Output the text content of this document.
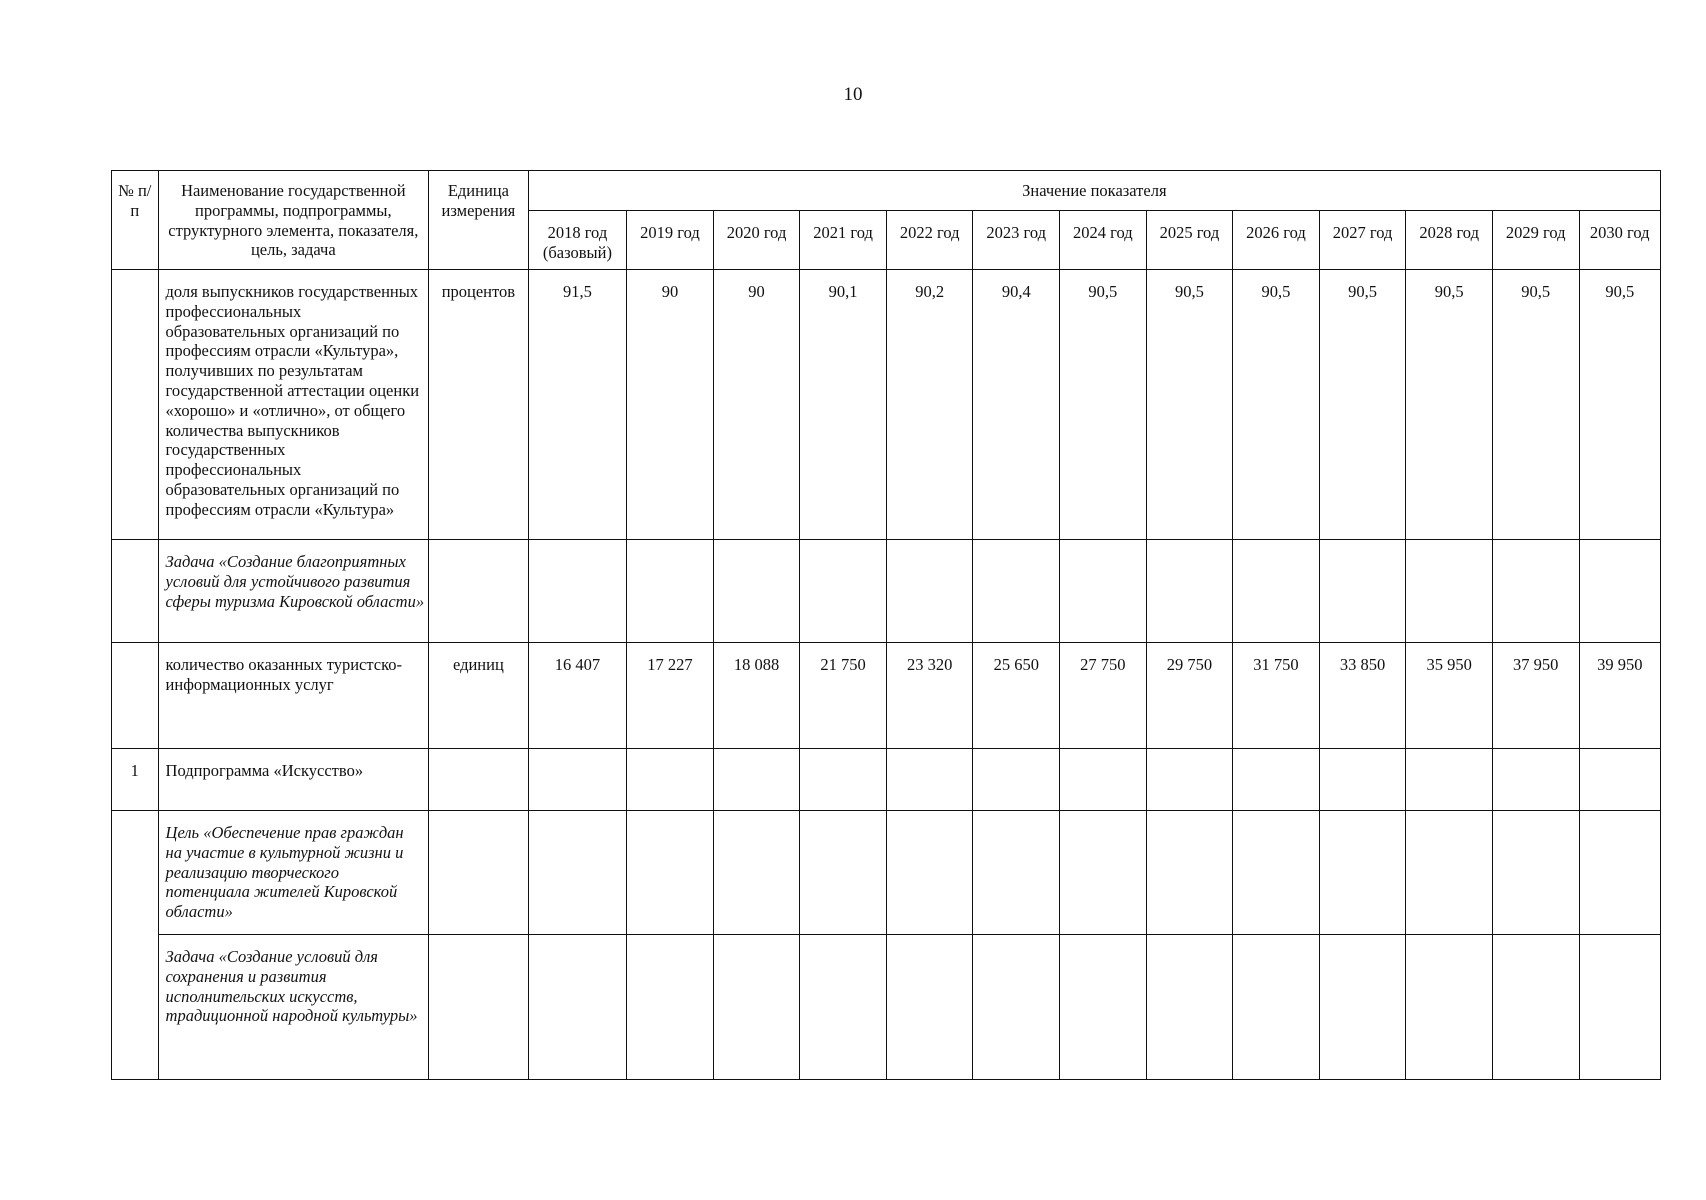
10
№ п/п	Наименование государственной программы, подпрограммы, структурного элемента, показателя, цель, задача	Единица измерения	Значение показателя												
			2018 год (базовый)	2019 год	2020 год	2021 год	2022 год	2023 год	2024 год	2025 год	2026 год	2027 год	2028 год	2029 год	2030 год
	доля выпускников государственных профессиональных образовательных организаций по профессиям отрасли «Культура», получивших по результатам государственной аттестации оценки «хорошо» и «отлично», от общего количества выпускников государственных профессиональных образовательных организаций по профессиям отрасли «Культура»	процентов	91,5	90	90	90,1	90,2	90,4	90,5	90,5	90,5	90,5	90,5	90,5	90,5
	Задача «Создание благоприятных условий для устойчивого развития сферы туризма Кировской области»														
	количество оказанных туристско-информационных услуг	единиц	16 407	17 227	18 088	21 750	23 320	25 650	27 750	29 750	31 750	33 850	35 950	37 950	39 950
1	Подпрограмма «Искусство»														
	Цель «Обеспечение прав граждан на участие в культурной жизни и реализацию творческого потенциала жителей Кировской области»														
	Задача «Создание условий для сохранения и развития исполнительских искусств, традиционной народной культуры»														
